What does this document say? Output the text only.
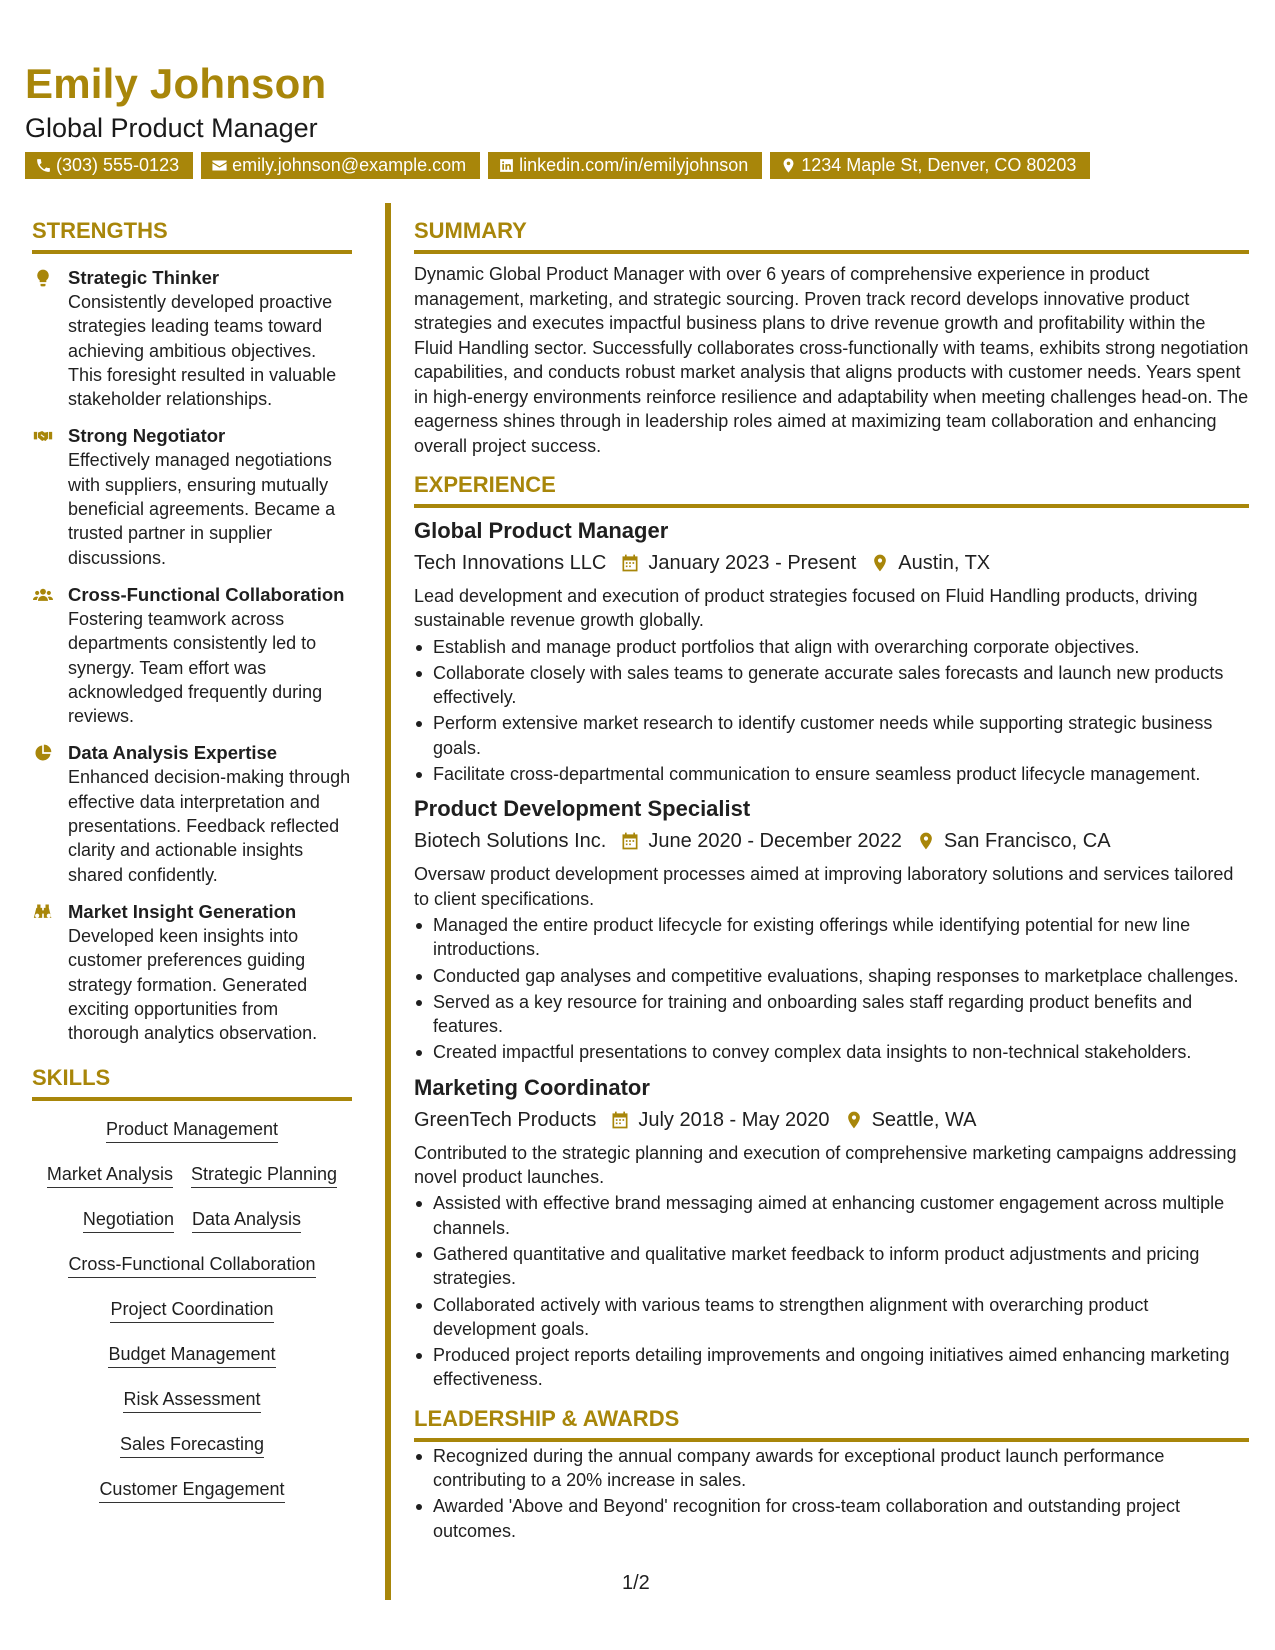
Emily Johnson
Global Product Manager
(303) 555-0123	emily.johnson@example.com	linkedin.com/in/emilyjohnson	1234 Maple St, Denver, CO 80203
STRENGTHS
Strategic Thinker
Consistently developed proactive strategies leading teams toward achieving ambitious objectives. This foresight resulted in valuable stakeholder relationships.
Strong Negotiator
Effectively managed negotiations with suppliers, ensuring mutually beneficial agreements. Became a trusted partner in supplier discussions.
Cross-Functional Collaboration
Fostering teamwork across departments consistently led to synergy. Team effort was acknowledged frequently during reviews.
Data Analysis Expertise
Enhanced decision-making through effective data interpretation and presentations. Feedback reflected clarity and actionable insights shared confidently.
Market Insight Generation
Developed keen insights into customer preferences guiding strategy formation. Generated exciting opportunities from thorough analytics observation.
SKILLS
Product Management
Market Analysis Strategic Planning
Negotiation Data Analysis
Cross-Functional Collaboration
Project Coordination
Budget Management
Risk Assessment
Sales Forecasting
Customer Engagement
SUMMARY
Dynamic Global Product Manager with over 6 years of comprehensive experience in product management, marketing, and strategic sourcing. Proven track record develops innovative product strategies and executes impactful business plans to drive revenue growth and profitability within the Fluid Handling sector. Successfully collaborates cross-functionally with teams, exhibits strong negotiation capabilities, and conducts robust market analysis that aligns products with customer needs. Years spent in high-energy environments reinforce resilience and adaptability when meeting challenges head-on. The eagerness shines through in leadership roles aimed at maximizing team collaboration and enhancing overall project success.
EXPERIENCE
Global Product Manager
Tech Innovations LLC January 2023 - Present Austin, TX
Lead development and execution of product strategies focused on Fluid Handling products, driving sustainable revenue growth globally.
Establish and manage product portfolios that align with overarching corporate objectives.
Collaborate closely with sales teams to generate accurate sales forecasts and launch new products effectively.
Perform extensive market research to identify customer needs while supporting strategic business goals.
Facilitate cross-departmental communication to ensure seamless product lifecycle management.
Product Development Specialist
Biotech Solutions Inc. June 2020 - December 2022 San Francisco, CA
Oversaw product development processes aimed at improving laboratory solutions and services tailored to client specifications.
Managed the entire product lifecycle for existing offerings while identifying potential for new line introductions.
Conducted gap analyses and competitive evaluations, shaping responses to marketplace challenges.
Served as a key resource for training and onboarding sales staff regarding product benefits and features.
Created impactful presentations to convey complex data insights to non-technical stakeholders.
Marketing Coordinator
GreenTech Products July 2018 - May 2020 Seattle, WA
Contributed to the strategic planning and execution of comprehensive marketing campaigns addressing novel product launches.
Assisted with effective brand messaging aimed at enhancing customer engagement across multiple channels.
Gathered quantitative and qualitative market feedback to inform product adjustments and pricing strategies.
Collaborated actively with various teams to strengthen alignment with overarching product development goals.
Produced project reports detailing improvements and ongoing initiatives aimed enhancing marketing effectiveness.
LEADERSHIP & AWARDS
Recognized during the annual company awards for exceptional product launch performance contributing to a 20% increase in sales.
Awarded 'Above and Beyond' recognition for cross-team collaboration and outstanding project outcomes.
1/2
